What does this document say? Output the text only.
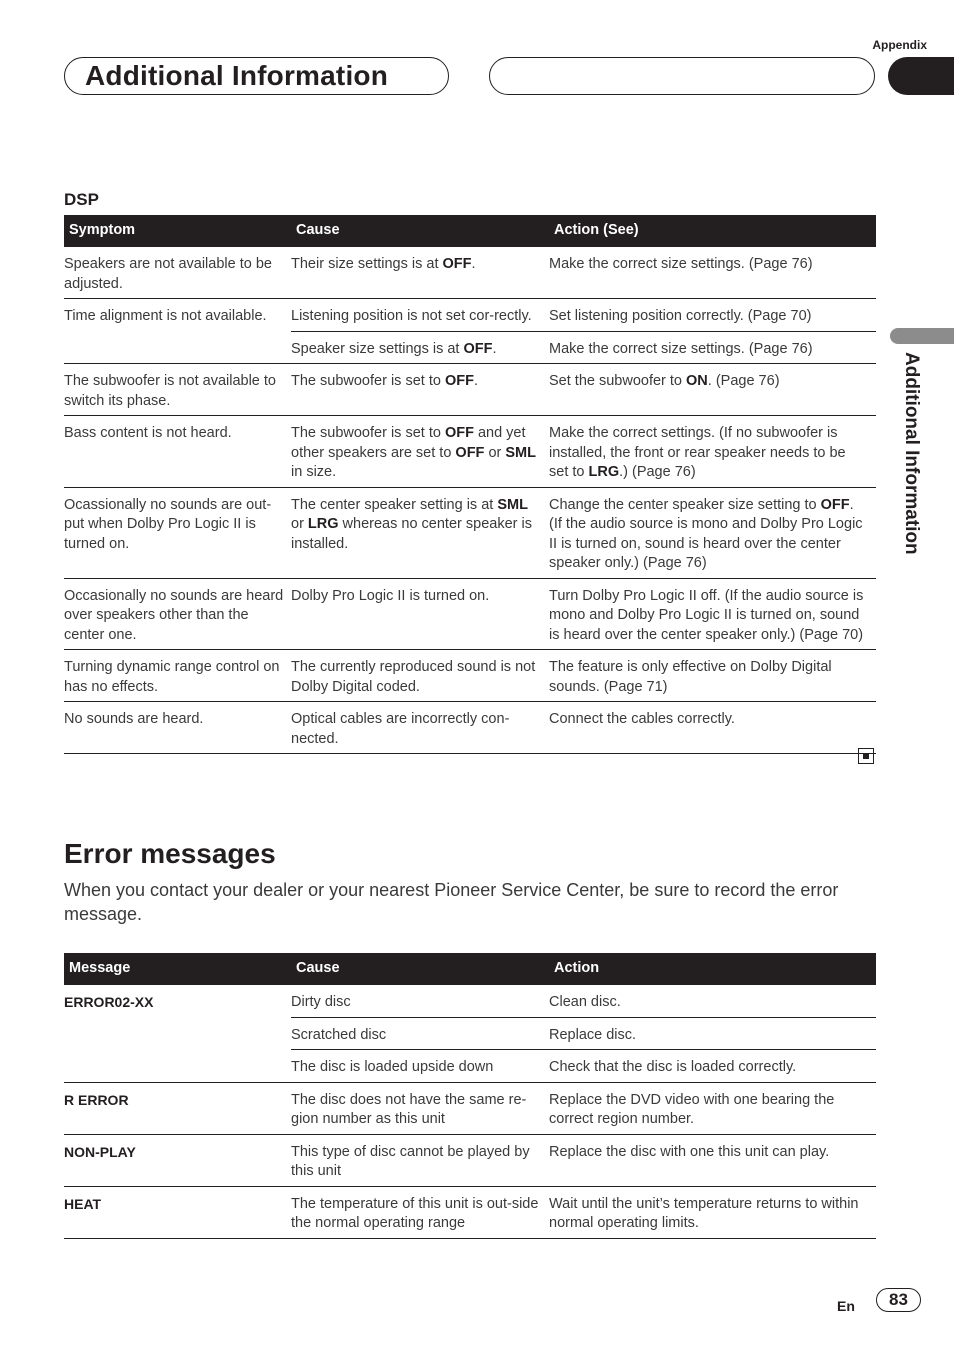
Appendix
Additional Information
Additional Information
DSP
Symptom	Cause	Action (See)
Speakers are not available to be adjusted.	Their size settings is at OFF.	Make the correct size settings. (Page 76)
Time alignment is not available.	Listening position is not set cor-rectly.	Set listening position correctly. (Page 70)
	Speaker size settings is at OFF.	Make the correct size settings. (Page 76)
The subwoofer is not available to switch its phase.	The subwoofer is set to OFF.	Set the subwoofer to ON. (Page 76)
Bass content is not heard.	The subwoofer is set to OFF and yet other speakers are set to OFF or SML in size.	Make the correct settings. (If no subwoofer is installed, the front or rear speaker needs to be set to LRG.) (Page 76)
Ocassionally no sounds are out-put when Dolby Pro Logic II is turned on.	The center speaker setting is at SML or LRG whereas no center speaker is installed.	Change the center speaker size setting to OFF. (If the audio source is mono and Dolby Pro Logic II is turned on, sound is heard over the center speaker only.) (Page 76)
Occasionally no sounds are heard over speakers other than the center one.	Dolby Pro Logic II is turned on.	Turn Dolby Pro Logic II off. (If the audio source is mono and Dolby Pro Logic II is turned on, sound is heard over the center speaker only.) (Page 70)
Turning dynamic range control on has no effects.	The currently reproduced sound is not Dolby Digital coded.	The feature is only effective on Dolby Digital sounds. (Page 71)
No sounds are heard.	Optical cables are incorrectly con-nected.	Connect the cables correctly.
Error messages
When you contact your dealer or your nearest Pioneer Service Center, be sure to record the error message.
Message	Cause	Action
ERROR02-XX	Dirty disc	Clean disc.
	Scratched disc	Replace disc.
	The disc is loaded upside down	Check that the disc is loaded correctly.
R ERROR	The disc does not have the same re-gion number as this unit	Replace the DVD video with one bearing the correct region number.
NON-PLAY	This type of disc cannot be played by this unit	Replace the disc with one this unit can play.
HEAT	The temperature of this unit is out-side the normal operating range	Wait until the unit’s temperature returns to within normal operating limits.
En	83
